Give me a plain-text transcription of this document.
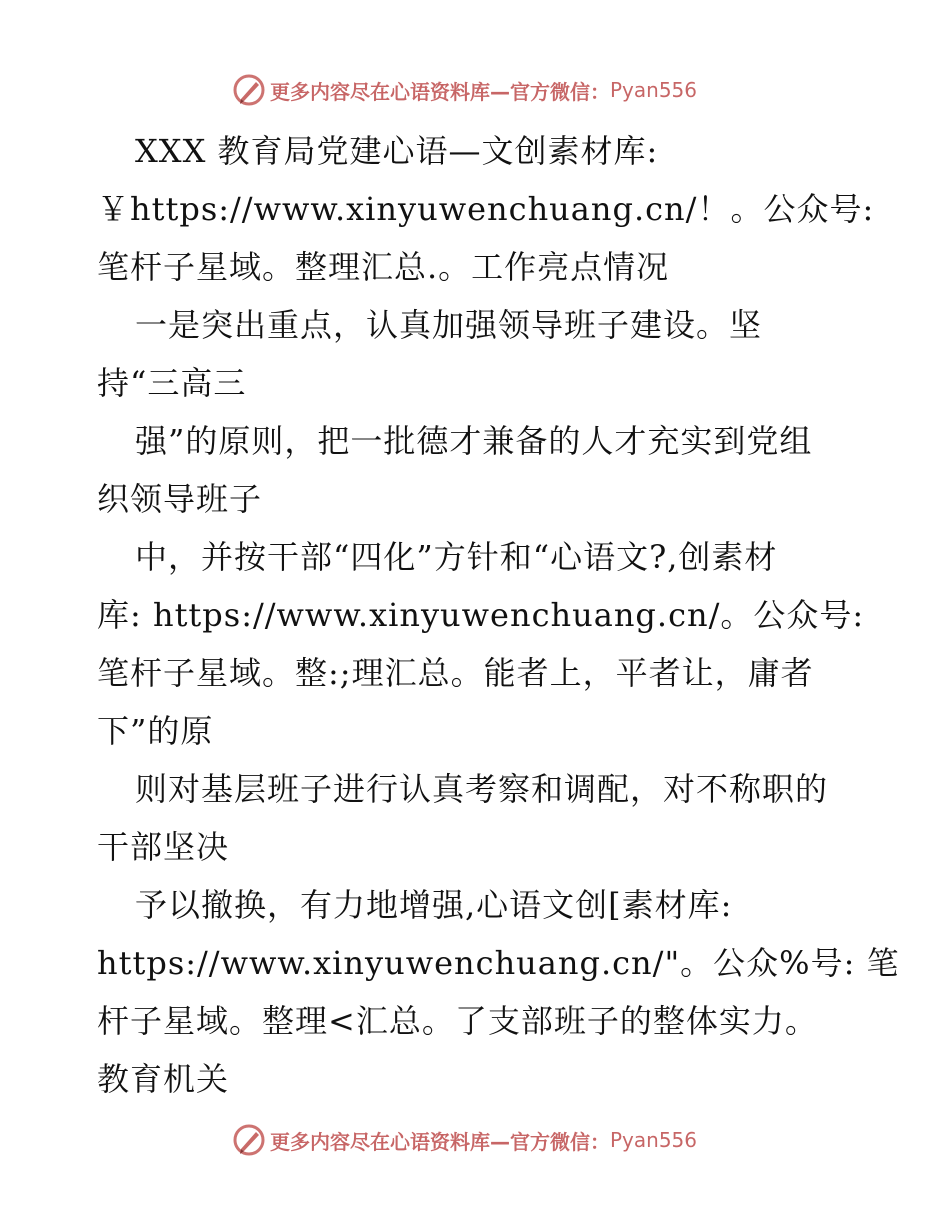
更多内容尽在心语资料库—官方微信： Pyan556
XXX 教育局党建心语—文创素材库:
￥https://www.xinyuwenchuang.cn/！。公众号:
笔杆子星域。整理汇总.。工作亮点情况
一是突出重点，认真加强领导班子建设。坚
持“三高三
强”的原则，把一批德才兼备的人才充实到党组
织领导班子
中，并按干部“四化”方针和“心语文?,创素材
库: https://www.xinyuwenchuang.cn/。公众号:
笔杆子星域。整:;理汇总。能者上，平者让，庸者
下”的原
则对基层班子进行认真考察和调配，对不称职的
干部坚决
予以撤换，有力地增强,心语文创[素材库:
https://www.xinyuwenchuang.cn/"。公众%号: 笔
杆子星域。整理<汇总。了支部班子的整体实力。
教育机关
更多内容尽在心语资料库—官方微信： Pyan556
